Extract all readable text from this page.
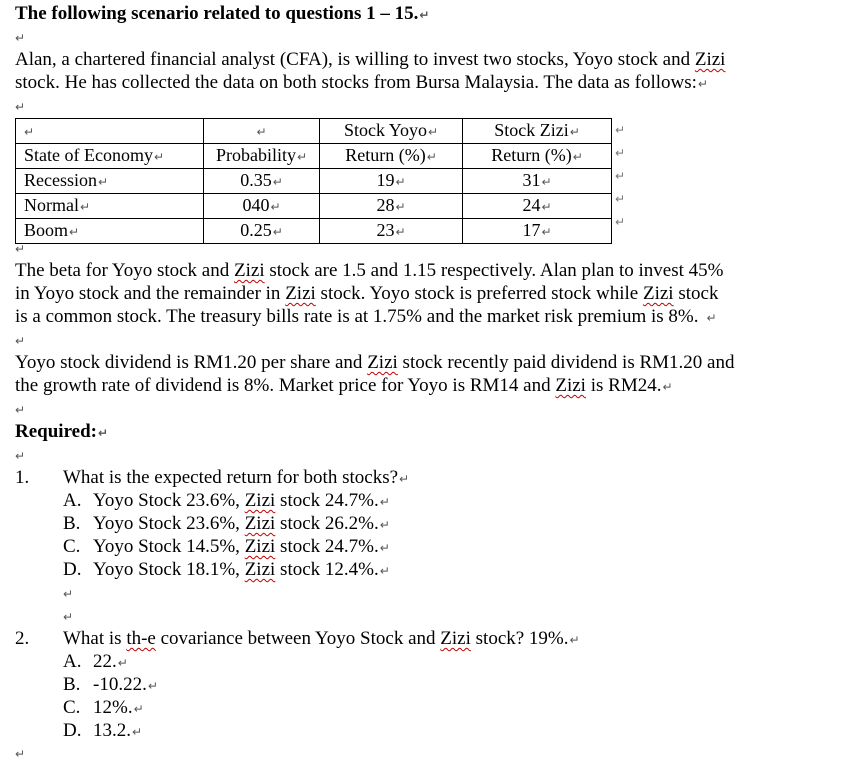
The following scenario related to questions 1 – 15.↵
↵
Alan, a chartered financial analyst (CFA), is willing to invest two stocks, Yoyo stock and Zizi
stock. He has collected the data on both stocks from Bursa Malaysia. The data as follows:↵
↵
↵	↵	Stock Yoyo↵	Stock Zizi↵
State of Economy↵	Probability↵	Return (%)↵	Return (%)↵
Recession↵	0.35↵	19↵	31↵
Normal↵	040↵	28↵	24↵
Boom↵	0.25↵	23↵	17↵
↵
↵
↵
↵
↵
↵
The beta for Yoyo stock and Zizi stock are 1.5 and 1.15 respectively. Alan plan to invest 45%
in Yoyo stock and the remainder in Zizi stock. Yoyo stock is preferred stock while Zizi stock
is a common stock. The treasury bills rate is at 1.75% and the market risk premium is 8%. ↵
↵
Yoyo stock dividend is RM1.20 per share and Zizi stock recently paid dividend is RM1.20 and
the growth rate of dividend is 8%. Market price for Yoyo is RM14 and Zizi is RM24.↵
↵
Required:↵
↵
1. What is the expected return for both stocks?↵
A. Yoyo Stock 23.6%, Zizi stock 24.7%.↵
B. Yoyo Stock 23.6%, Zizi stock 26.2%.↵
C. Yoyo Stock 14.5%, Zizi stock 24.7%.↵
D. Yoyo Stock 18.1%, Zizi stock 12.4%.↵
↵
↵
2. What is th-e covariance between Yoyo Stock and Zizi stock? 19%.↵
A. 22.↵
B. -10.22.↵
C. 12%.↵
D. 13.2.↵
↵
